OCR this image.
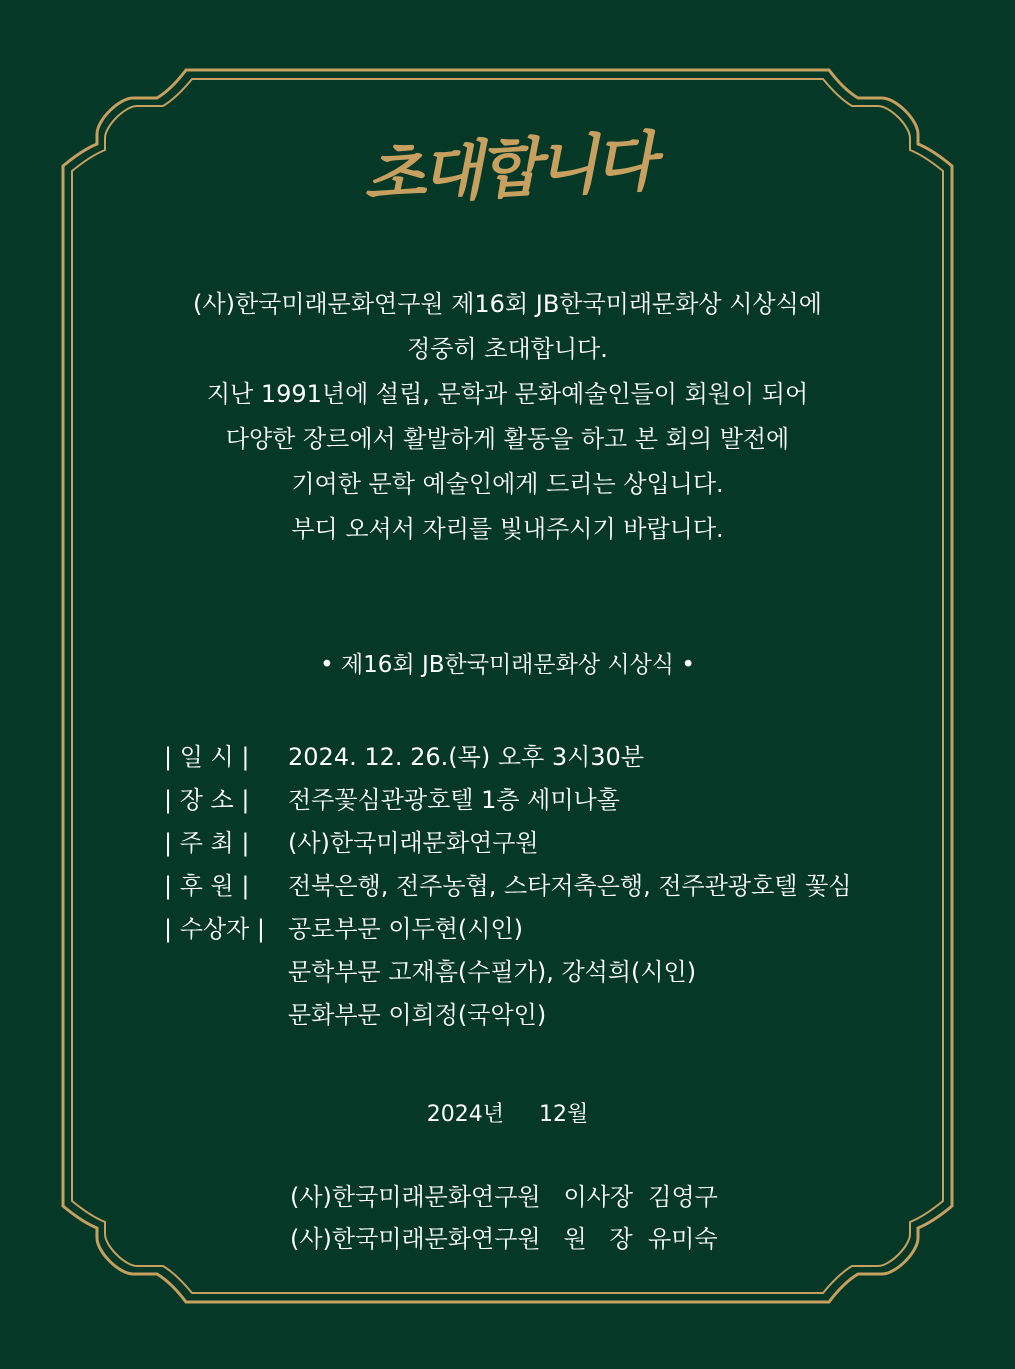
초대합니다
(사)한국미래문화연구원 제16회 JB한국미래문화상 시상식에
정중히 초대합니다.
지난 1991년에 설립, 문학과 문화예술인들이 회원이 되어
다양한 장르에서 활발하게 활동을 하고 본 회의 발전에
기여한 문학 예술인에게 드리는 상입니다.
부디 오셔서 자리를 빛내주시기 바랍니다.
• 제16회 JB한국미래문화상 시상식 •
| 일 시 |	2024. 12. 26.(목) 오후 3시30분
| 장 소 |	전주꽃심관광호텔 1층 세미나홀
| 주 최 |	(사)한국미래문화연구원
| 후 원 |	전북은행, 전주농협, 스타저축은행, 전주관광호텔 꽃심
| 수상자 | 공로부문 이두현(시인)
문학부문 고재흠(수필가), 강석희(시인)
문화부문 이희정(국악인)
2024년     12월
(사)한국미래문화연구원   이사장  김영구
(사)한국미래문화연구원   원   장  유미숙
